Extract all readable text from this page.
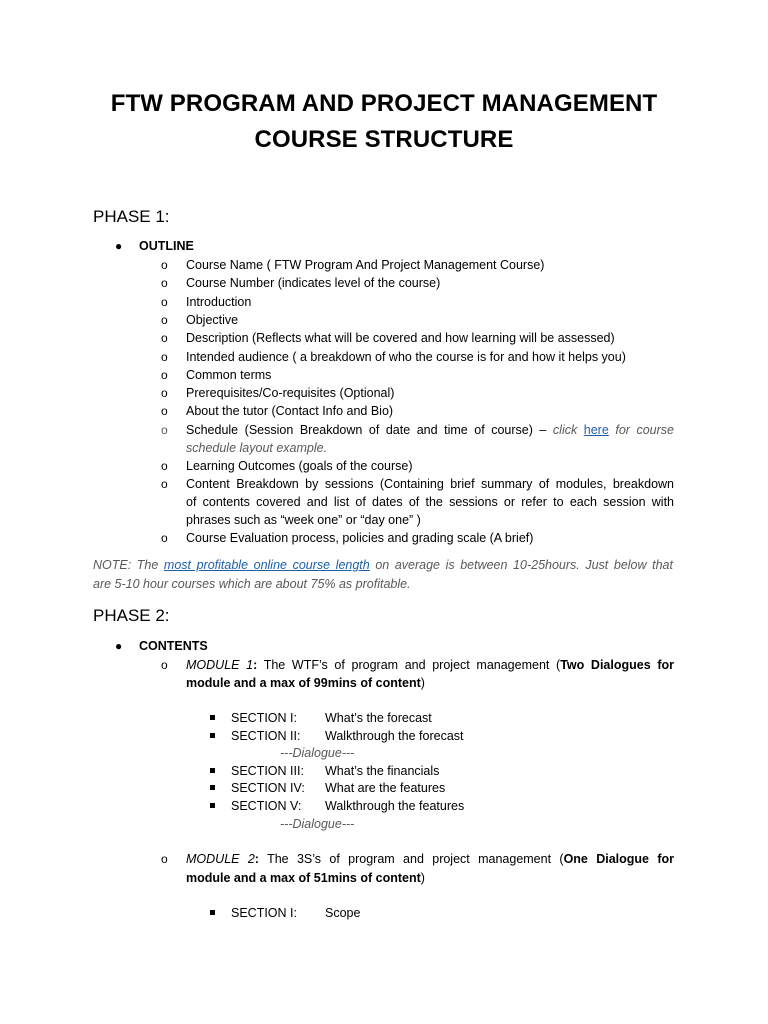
FTW PROGRAM AND PROJECT MANAGEMENT
COURSE STRUCTURE
PHASE 1:
● OUTLINE
o Course Name ( FTW Program And Project Management Course)
o Course Number (indicates level of the course)
o Introduction
o Objective
o Description (Reflects what will be covered and how learning will be assessed)
o Intended audience ( a breakdown of who the course is for and how it helps you)
o Common terms
o Prerequisites/Co-requisites (Optional)
o About the tutor (Contact Info and Bio)
o Schedule (Session Breakdown of date and time of course) – click here for course
schedule layout example.
o Learning Outcomes (goals of the course)
o Content Breakdown by sessions (Containing brief summary of modules, breakdown
of contents covered and list of dates of the sessions or refer to each session with
phrases such as “week one” or “day one” )
o Course Evaluation process, policies and grading scale (A brief)
NOTE: The most profitable online course length on average is between 10-25hours. Just below that
are 5-10 hour courses which are about 75% as profitable.
PHASE 2:
● CONTENTS
o MODULE 1: The WTF’s of program and project management (Two Dialogues for
module and a max of 99mins of content)
SECTION I: What’s the forecast
SECTION II: Walkthrough the forecast
---Dialogue---
SECTION III: What’s the financials
SECTION IV: What are the features
SECTION V: Walkthrough the features
---Dialogue---
o MODULE 2: The 3S’s of program and project management (One Dialogue for
module and a max of 51mins of content)
SECTION I: Scope
